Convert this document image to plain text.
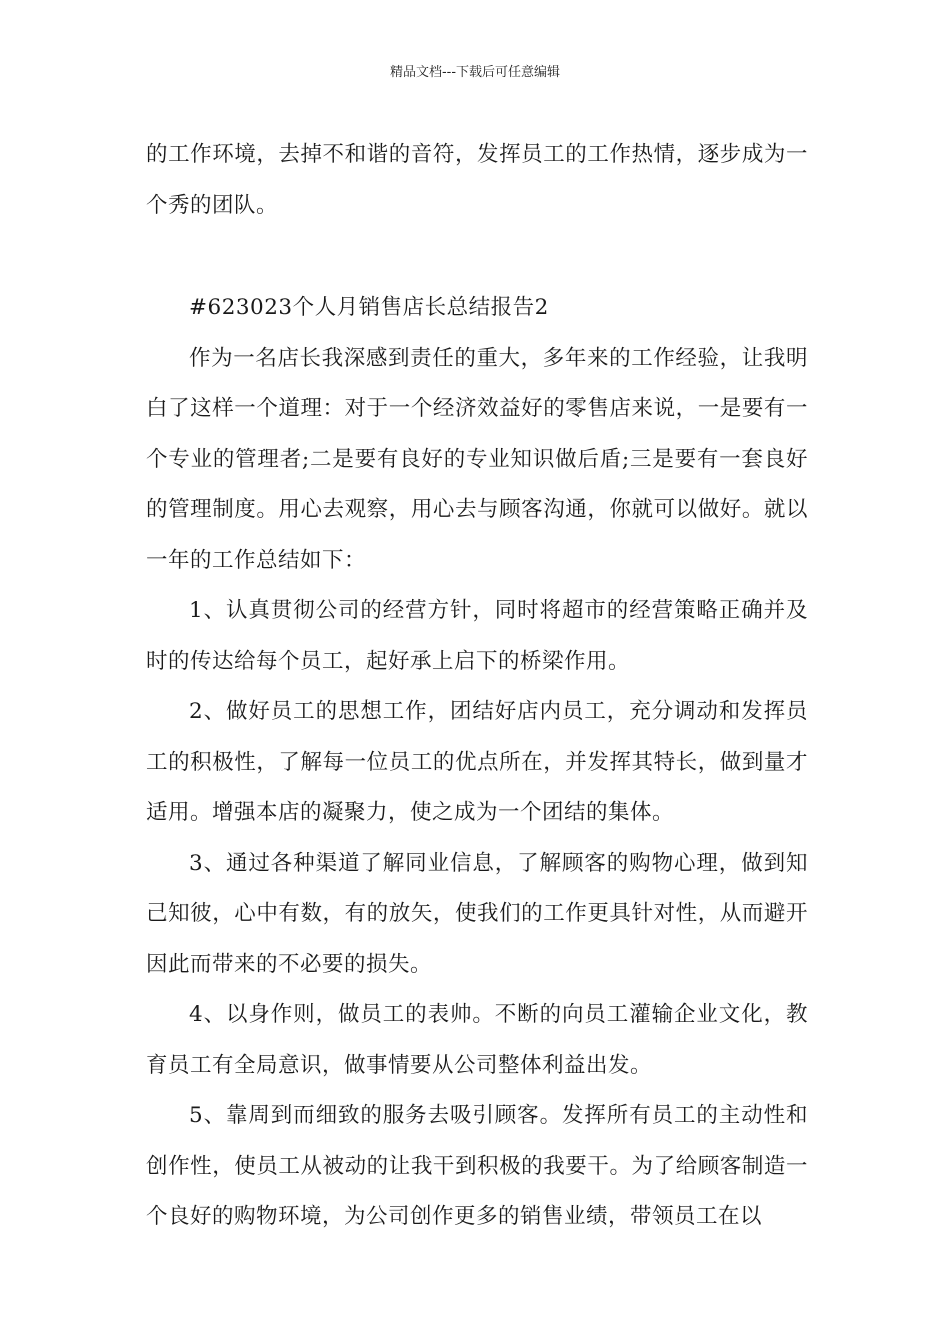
精品文档---下载后可任意编辑

的工作环境，去掉不和谐的音符，发挥员工的工作热情，逐步成为一个秀的团队。

#623023个人月销售店长总结报告2

作为一名店长我深感到责任的重大，多年来的工作经验，让我明白了这样一个道理：对于一个经济效益好的零售店来说，一是要有一个专业的管理者;二是要有良好的专业知识做后盾;三是要有一套良好的管理制度。用心去观察，用心去与顾客沟通，你就可以做好。就以一年的工作总结如下：

1、认真贯彻公司的经营方针，同时将超市的经营策略正确并及时的传达给每个员工，起好承上启下的桥梁作用。

2、做好员工的思想工作，团结好店内员工，充分调动和发挥员工的积极性，了解每一位员工的优点所在，并发挥其特长，做到量才适用。增强本店的凝聚力，使之成为一个团结的集体。

3、通过各种渠道了解同业信息，了解顾客的购物心理，做到知己知彼，心中有数，有的放矢，使我们的工作更具针对性，从而避开因此而带来的不必要的损失。

4、以身作则，做员工的表帅。不断的向员工灌输企业文化，教育员工有全局意识，做事情要从公司整体利益出发。

5、靠周到而细致的服务去吸引顾客。发挥所有员工的主动性和创作性，使员工从被动的让我干到积极的我要干。为了给顾客制造一个良好的购物环境，为公司创作更多的销售业绩，带领员工在以
